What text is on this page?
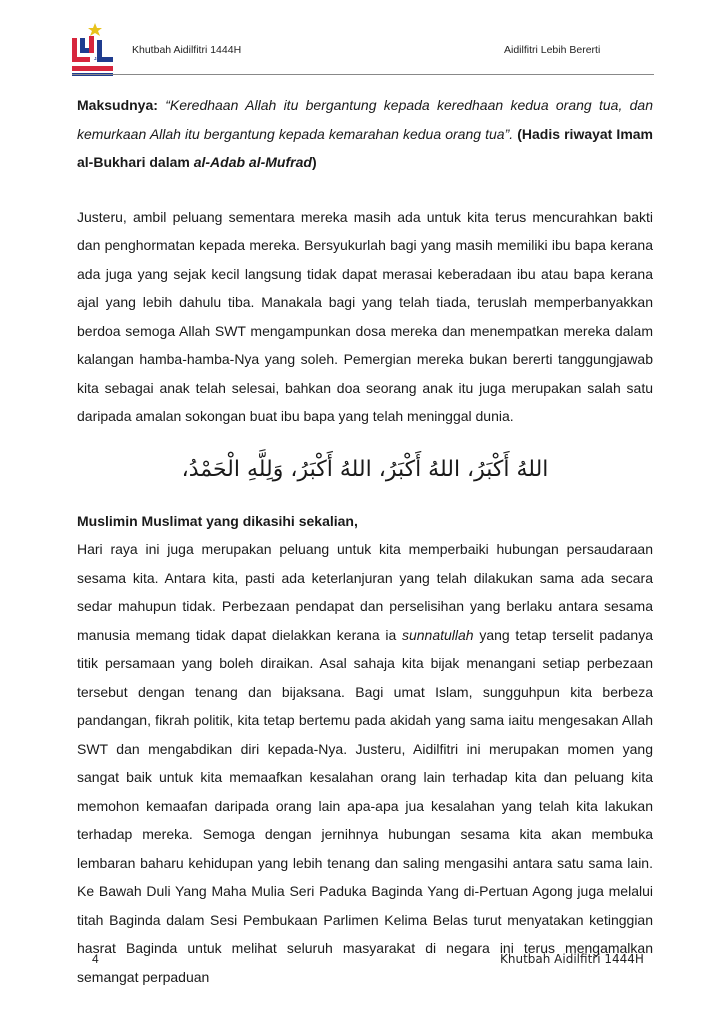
JAKIM
Khutbah Aidilfitri 1444H	Aidilfitri Lebih Bererti

Maksudnya: “Keredhaan Allah itu bergantung kepada keredhaan kedua orang tua, dan kemurkaan Allah itu bergantung kepada kemarahan kedua orang tua”. (Hadis riwayat Imam al-Bukhari dalam al-Adab al-Mufrad)

Justeru, ambil peluang sementara mereka masih ada untuk kita terus mencurahkan bakti dan penghormatan kepada mereka. Bersyukurlah bagi yang masih memiliki ibu bapa kerana ada juga yang sejak kecil langsung tidak dapat merasai keberadaan ibu atau bapa kerana ajal yang lebih dahulu tiba. Manakala bagi yang telah tiada, teruslah memperbanyakkan berdoa semoga Allah SWT mengampunkan dosa mereka dan menempatkan mereka dalam kalangan hamba-hamba-Nya yang soleh. Pemergian mereka bukan bererti tanggungjawab kita sebagai anak telah selesai, bahkan doa seorang anak itu juga merupakan salah satu daripada amalan sokongan buat ibu bapa yang telah meninggal dunia.

اللهُ أَكْبَرُ، اللهُ أَكْبَرُ، اللهُ أَكْبَرُ، وَلِلَّهِ الْحَمْدُ،
Muslimin Muslimat yang dikasihi sekalian,

Hari raya ini juga merupakan peluang untuk kita memperbaiki hubungan persaudaraan sesama kita. Antara kita, pasti ada keterlanjuran yang telah dilakukan sama ada secara sedar mahupun tidak. Perbezaan pendapat dan perselisihan yang berlaku antara sesama manusia memang tidak dapat dielakkan kerana ia sunnatullah yang tetap terselit padanya titik persamaan yang boleh diraikan. Asal sahaja kita bijak menangani setiap perbezaan tersebut dengan tenang dan bijaksana. Bagi umat Islam, sungguhpun kita berbeza pandangan, fikrah politik, kita tetap bertemu pada akidah yang sama iaitu mengesakan Allah SWT dan mengabdikan diri kepada-Nya. Justeru, Aidilfitri ini merupakan momen yang sangat baik untuk kita memaafkan kesalahan orang lain terhadap kita dan peluang kita memohon kemaafan daripada orang lain apa-apa jua kesalahan yang telah kita lakukan terhadap mereka. Semoga dengan jernihnya hubungan sesama kita akan membuka lembaran baharu kehidupan yang lebih tenang dan saling mengasihi antara satu sama lain. Ke Bawah Duli Yang Maha Mulia Seri Paduka Baginda Yang di-Pertuan Agong juga melalui titah Baginda dalam Sesi Pembukaan Parlimen Kelima Belas turut menyatakan ketinggian hasrat Baginda untuk melihat seluruh masyarakat di negara ini terus mengamalkan semangat perpaduan

4	Khutbah Aidilfitri 1444H
